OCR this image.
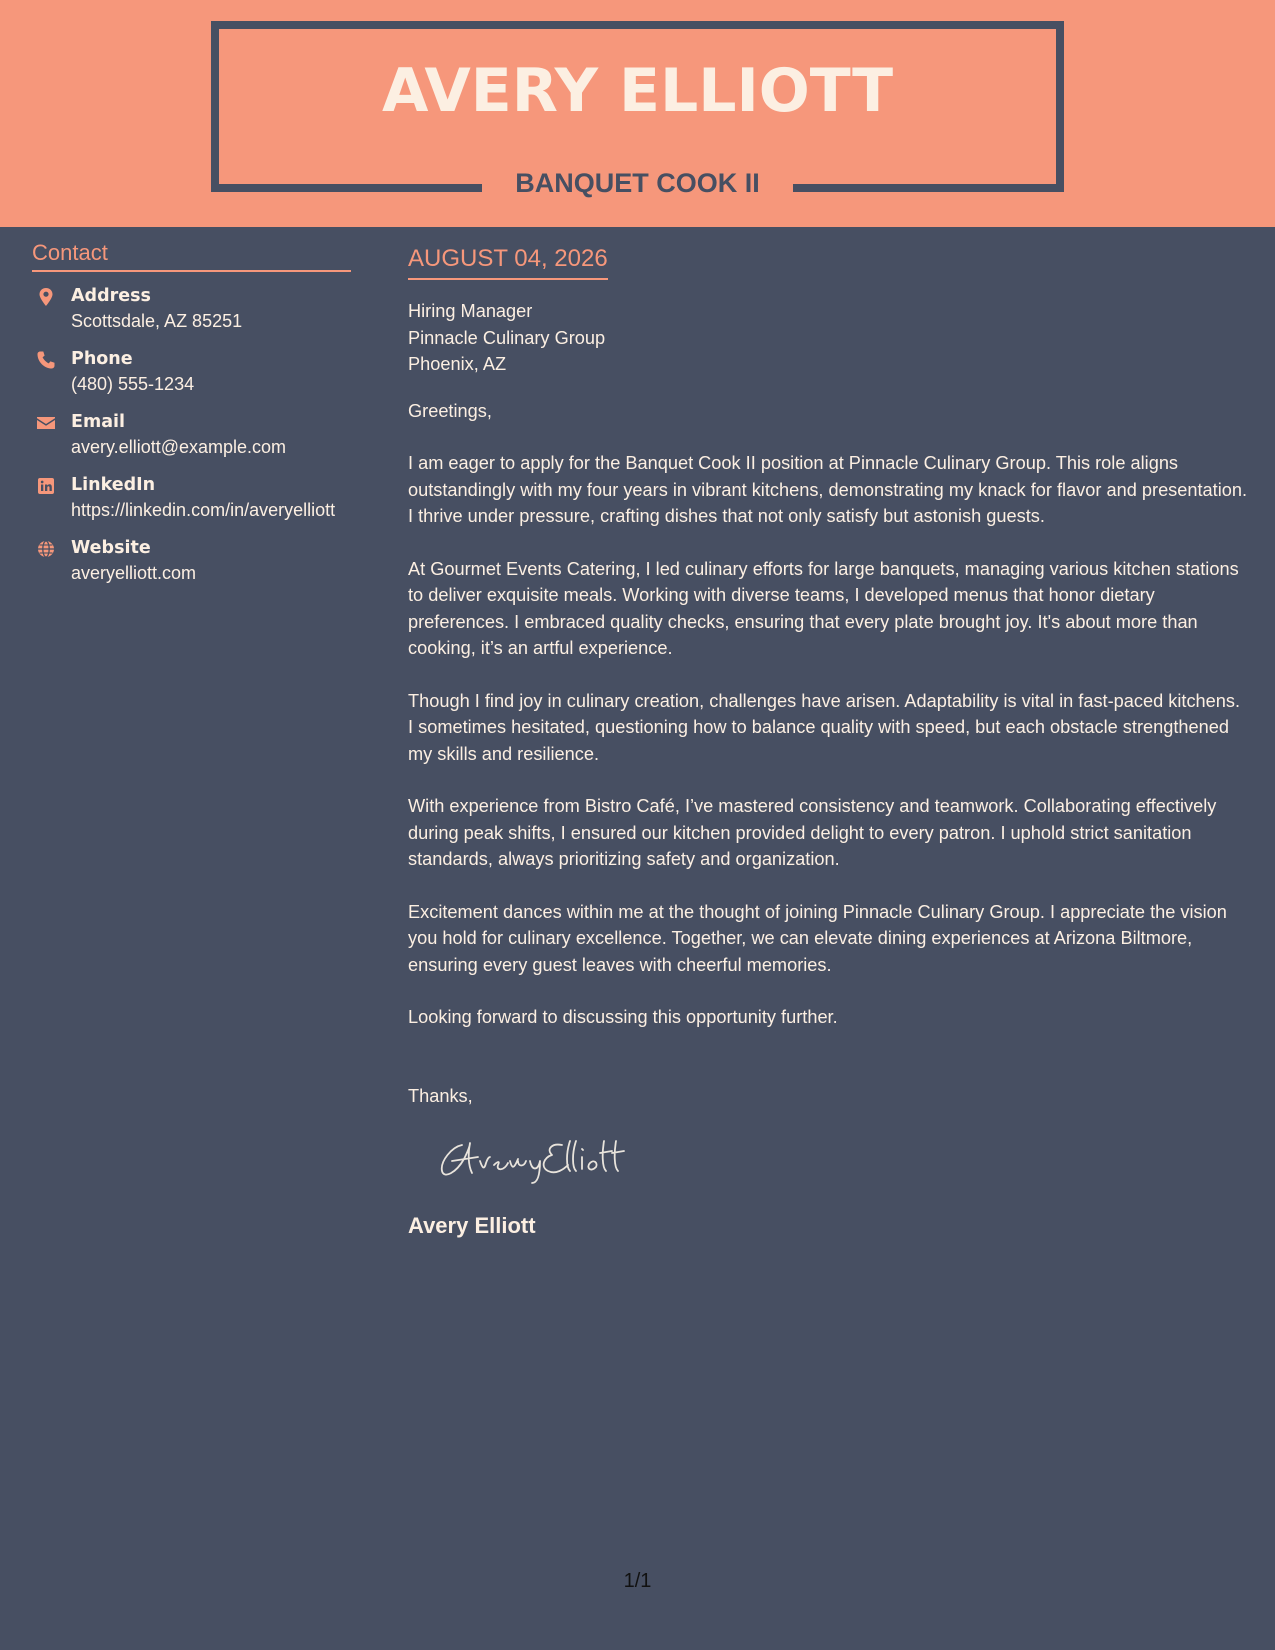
AVERY ELLIOTT
BANQUET COOK II
Contact
Address
Scottsdale, AZ 85251
Phone
(480) 555-1234
Email
avery.elliott@example.com
LinkedIn
https://linkedin.com/in/averyelliott
Website
averyelliott.com
AUGUST 04, 2026

Hiring Manager

Pinnacle Culinary Group

Phoenix, AZ

Greetings,

I am eager to apply for the Banquet Cook II position at Pinnacle Culinary Group. This role aligns outstandingly with my four years in vibrant kitchens, demonstrating my knack for flavor and presentation. I thrive under pressure, crafting dishes that not only satisfy but astonish guests.

At Gourmet Events Catering, I led culinary efforts for large banquets, managing various kitchen stations to deliver exquisite meals. Working with diverse teams, I developed menus that honor dietary preferences. I embraced quality checks, ensuring that every plate brought joy. It's about more than cooking, it’s an artful experience.

Though I find joy in culinary creation, challenges have arisen. Adaptability is vital in fast-paced kitchens. I sometimes hesitated, questioning how to balance quality with speed, but each obstacle strengthened my skills and resilience.

With experience from Bistro Café, I’ve mastered consistency and teamwork. Collaborating effectively during peak shifts, I ensured our kitchen provided delight to every patron. I uphold strict sanitation standards, always prioritizing safety and organization.

Excitement dances within me at the thought of joining Pinnacle Culinary Group. I appreciate the vision you hold for culinary excellence. Together, we can elevate dining experiences at Arizona Biltmore, ensuring every guest leaves with cheerful memories.

Looking forward to discussing this opportunity further.

Thanks,

Avery Elliott
1/1
